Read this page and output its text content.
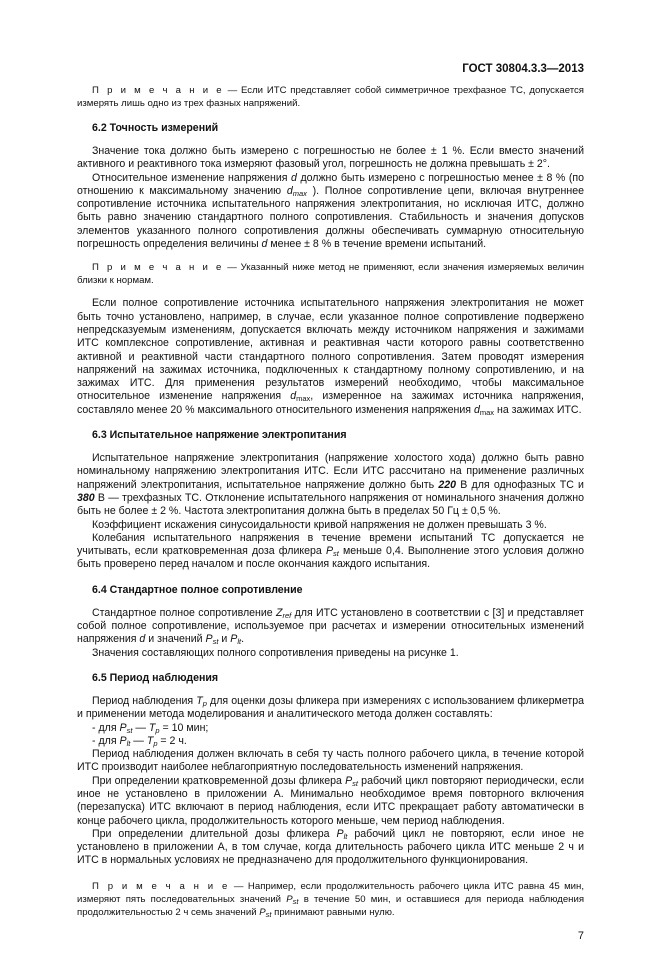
ГОСТ 30804.3.3—2013

П р и м е ч а н и е — Если ИТС представляет собой симметричное трехфазное ТС, допускается измерять лишь одно из трех фазных напряжений.

6.2 Точность измерений

Значение тока должно быть измерено с погрешностью не более ± 1 %. Если вместо значений активного и реактивного тока измеряют фазовый угол, погрешность не должна превышать ± 2°.

Относительное изменение напряжения d должно быть измерено с погрешностью менее ± 8 % (по отношению к максимальному значению $d_{max}$ ). Полное сопротивление цепи, включая внутреннее сопротивление источника испытательного напряжения электропитания, но исключая ИТС, должно быть равно значению стандартного полного сопротивления. Стабильность и значения допусков элементов указанного полного сопротивления должны обеспечивать суммарную относительную погрешность определения величины d менее ± 8 % в течение времени испытаний.

П р и м е ч а н и е — Указанный ниже метод не применяют, если значения измеряемых величин близки к нормам.

Если полное сопротивление источника испытательного напряжения электропитания не может быть точно установлено, например, в случае, если указанное полное сопротивление подвержено непредсказуемым изменениям, допускается включать между источником напряжения и зажимами ИТС комплексное сопротивление, активная и реактивная части которого равны соответственно активной и реактивной части стандартного полного сопротивления. Затем проводят измерения напряжений на зажимах источника, подключенных к стандартному полному сопротивлению, и на зажимах ИТС. Для применения результатов измерений необходимо, чтобы максимальное относительное изменение напряжения $d_{max}$, измеренное на зажимах источника напряжения, составляло менее 20 % максимального относительного изменения напряжения $d_{max}$ на зажимах ИТС.

6.3 Испытательное напряжение электропитания

Испытательное напряжение электропитания (напряжение холостого хода) должно быть равно номинальному напряжению электропитания ИТС. Если ИТС рассчитано на применение различных напряжений электропитания, испытательное напряжение должно быть 220 В для однофазных ТС и 380 В — трехфазных ТС. Отклонение испытательного напряжения от номинального значения должно быть не более ± 2 %. Частота электропитания должна быть в пределах 50 Гц ± 0,5 %.

Коэффициент искажения синусоидальности кривой напряжения не должен превышать 3 %.

Колебания испытательного напряжения в течение времени испытаний ТС допускается не учитывать, если кратковременная доза фликера $P_{st}$ меньше 0,4. Выполнение этого условия должно быть проверено перед началом и после окончания каждого испытания.

6.4 Стандартное полное сопротивление

Стандартное полное сопротивление $Z_{ref}$ для ИТС установлено в соответствии с [3] и представляет собой полное сопротивление, используемое при расчетах и измерении относительных изменений напряжения d и значений $P_{st}$ и $P_{lt}$.

Значения составляющих полного сопротивления приведены на рисунке 1.

6.5 Период наблюдения

Период наблюдения $T_p$ для оценки дозы фликера при измерениях с использованием фликерметра и применении метода моделирования и аналитического метода должен составлять:

- для $P_{st}$ — $T_p = 10$ мин;

- для $P_{lt}$ — $T_p = 2$ ч.

Период наблюдения должен включать в себя ту часть полного рабочего цикла, в течение которой ИТС производит наиболее неблагоприятную последовательность изменений напряжения.

При определении кратковременной дозы фликера $P_{st}$ рабочий цикл повторяют периодически, если иное не установлено в приложении А. Минимально необходимое время повторного включения (перезапуска) ИТС включают в период наблюдения, если ИТС прекращает работу автоматически в конце рабочего цикла, продолжительность которого меньше, чем период наблюдения.

При определении длительной дозы фликера $P_{lt}$ рабочий цикл не повторяют, если иное не установлено в приложении А, в том случае, когда длительность рабочего цикла ИТС меньше 2 ч и ИТС в нормальных условиях не предназначено для продолжительного функционирования.

П р и м е ч а н и е — Например, если продолжительность рабочего цикла ИТС равна 45 мин, измеряют пять последовательных значений $P_{st}$ в течение 50 мин, и оставшиеся для периода наблюдения продолжительностью 2 ч семь значений $P_{st}$ принимают равными нулю.

7
